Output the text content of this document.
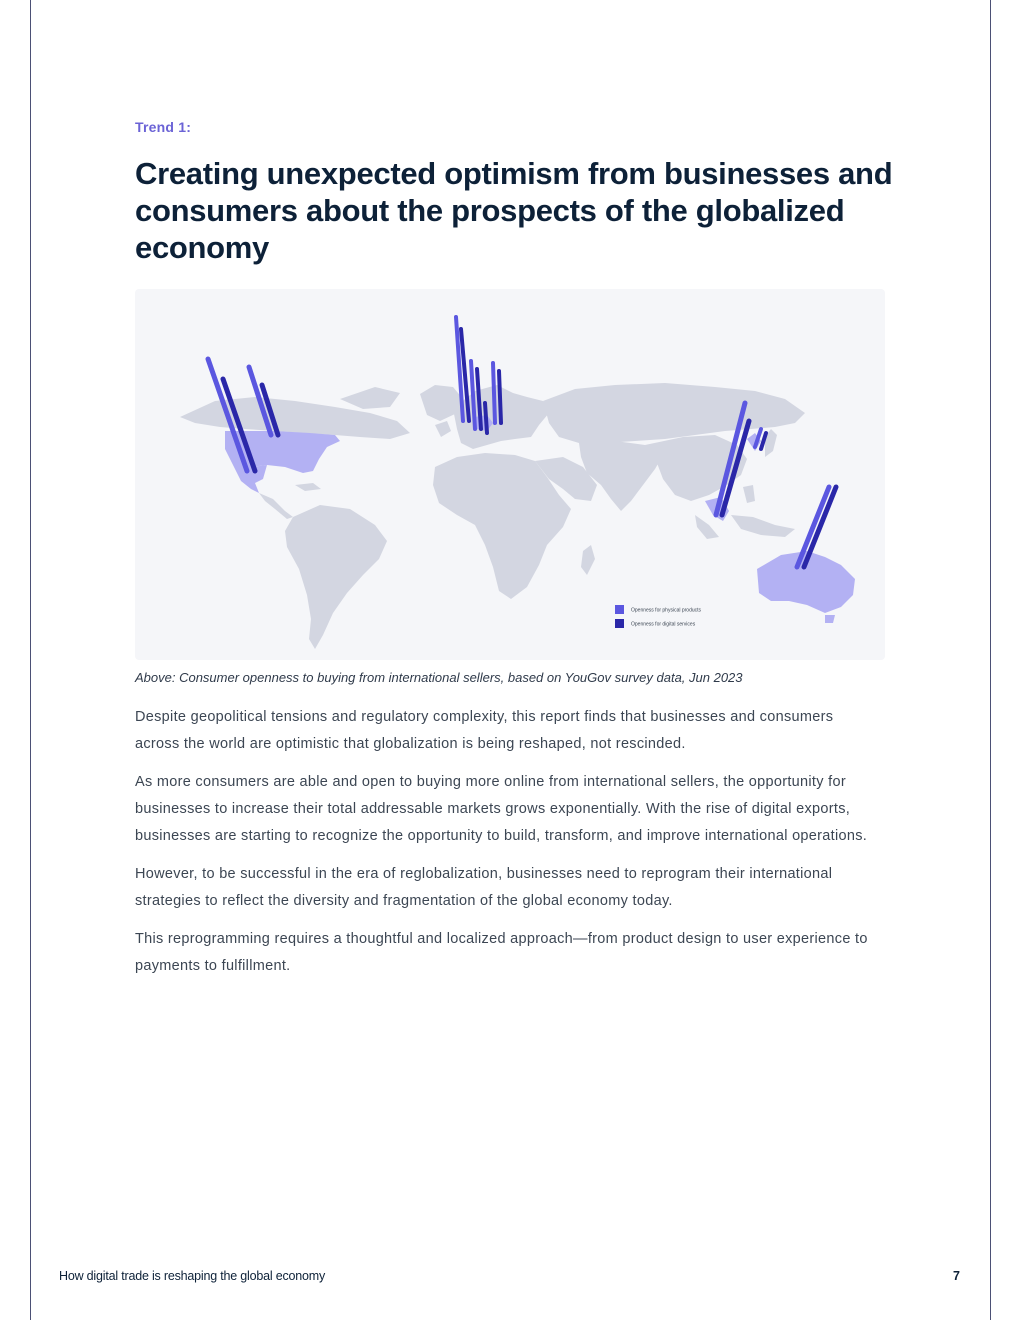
Trend 1:
Creating unexpected optimism from businesses and consumers about the prospects of the globalized economy
Openness for physical products
Openness for digital services
Above: Consumer openness to buying from international sellers, based on YouGov survey data, Jun 2023

Despite geopolitical tensions and regulatory complexity, this report finds that businesses and consumers across the world are optimistic that globalization is being reshaped, not rescinded.

As more consumers are able and open to buying more online from international sellers, the opportunity for businesses to increase their total addressable markets grows exponentially. With the rise of digital exports, businesses are starting to recognize the opportunity to build, transform, and improve international operations.

However, to be successful in the era of reglobalization, businesses need to reprogram their international strategies to reflect the diversity and fragmentation of the global economy today.

This reprogramming requires a thoughtful and localized approach—from product design to user experience to payments to fulfillment.

How digital trade is reshaping the global economy	7
